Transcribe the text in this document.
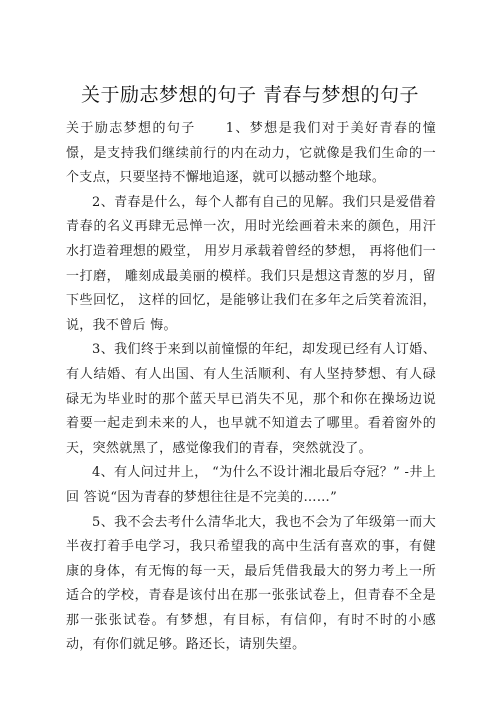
关于励志梦想的句子 青春与梦想的句子

关于励志梦想的句子 1、梦想是我们对于美好青春的憧憬，是支持我们继续前行的内在动力，它就像是我们生命的一个支点，只要坚持不懈地追逐，就可以撼动整个地球。

2、青春是什么，每个人都有自己的见解。我们只是爱借着青春的名义再肆无忌惮一次，用时光绘画着未来的颜色，用汗水打造着理想的殿堂， 用岁月承载着曾经的梦想， 再将他们一一打磨， 雕刻成最美丽的模样。我们只是想这青葱的岁月，留下些回忆， 这样的回忆，是能够让我们在多年之后笑着流泪，说，我不曾后 悔。

3、我们终于来到以前憧憬的年纪，却发现已经有人订婚、有人结婚、有人出国、有人生活顺利、有人坚持梦想、有人碌碌无为毕业时的那个蓝天早已消失不见，那个和你在操场边说着要一起走到未来的人，也早就不知道去了哪里。看着窗外的天，突然就黑了，感觉像我们的青春，突然就没了。

4、有人问过井上， “为什么不设计湘北最后夺冠？” -井上回 答说“因为青春的梦想往往是不完美的……”

5、我不会去考什么清华北大，我也不会为了年级第一而大半夜打着手电学习，我只希望我的高中生活有喜欢的事，有健康的身体，有无悔的每一天，最后凭借我最大的努力考上一所适合的学校，青春是该付出在那一张张试卷上，但青春不全是那一张张试卷。有梦想，有目标，有信仰，有时不时的小感动，有你们就足够。路还长，请别失望。
